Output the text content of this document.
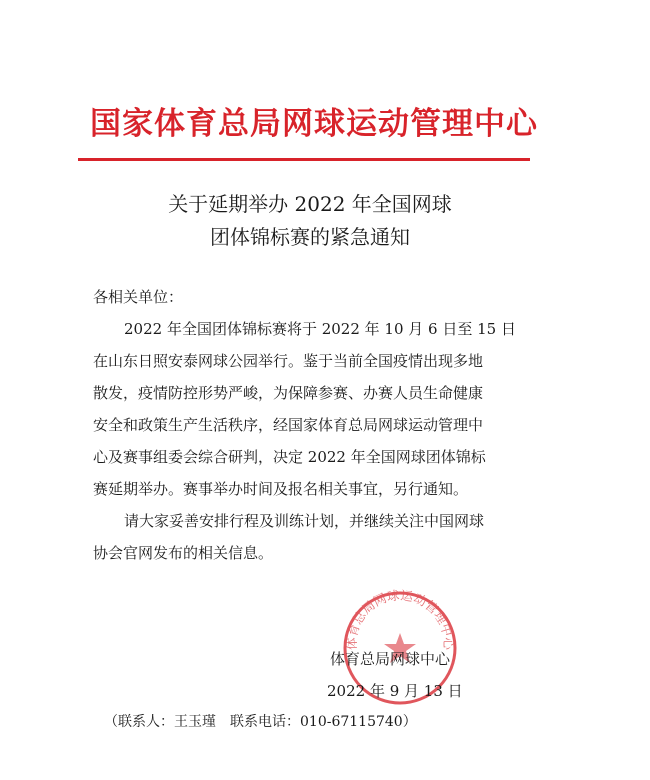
国家体育总局网球运动管理中心
关于延期举办 2022 年全国网球
团体锦标赛的紧急通知
各相关单位：
2022 年全国团体锦标赛将于 2022 年 10 月 6 日至 15 日
在山东日照安泰网球公园举行。鉴于当前全国疫情出现多地
散发，疫情防控形势严峻，为保障参赛、办赛人员生命健康
安全和政策生产生活秩序，经国家体育总局网球运动管理中
心及赛事组委会综合研判，决定 2022 年全国网球团体锦标
赛延期举办。赛事举办时间及报名相关事宜，另行通知。
请大家妥善安排行程及训练计划，并继续关注中国网球
协会官网发布的相关信息。
体育总局网球运动管理中心
体育总局网球中心
2022 年 9 月 13 日
（联系人：王玉瑾　联系电话：010-67115740）
